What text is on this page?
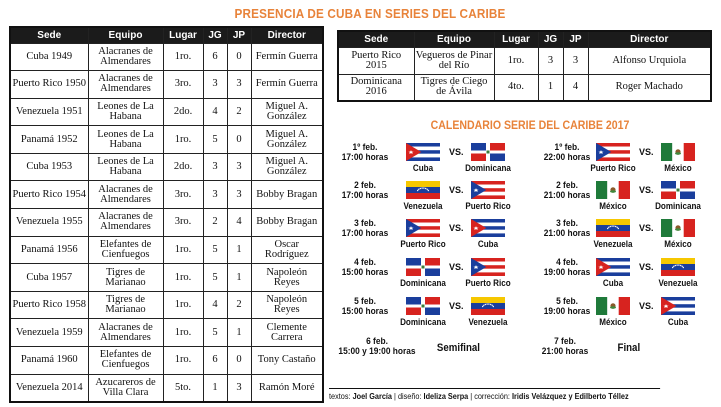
PRESENCIA DE CUBA EN SERIES DEL CARIBE
Sede	Equipo	Lugar	JG	JP	Director
Cuba 1949	Alacranes de Almendares	1ro.	6	0	Fermín Guerra
Puerto Rico 1950	Alacranes de Almendares	3ro.	3	3	Fermín Guerra
Venezuela 1951	Leones de La Habana	2do.	4	2	Miguel A. González
Panamá 1952	Leones de La Habana	1ro.	5	0	Miguel A. González
Cuba 1953	Leones de La Habana	2do.	3	3	Miguel A. González
Puerto Rico 1954	Alacranes de Almendares	3ro.	3	3	Bobby Bragan
Venezuela 1955	Alacranes de Almendares	3ro.	2	4	Bobby Bragan
Panamá 1956	Elefantes de Cienfuegos	1ro.	5	1	Oscar Rodríguez
Cuba 1957	Tigres de Marianao	1ro.	5	1	Napoleón Reyes
Puerto Rico 1958	Tigres de Marianao	1ro.	4	2	Napoleón Reyes
Venezuela 1959	Alacranes de Almendares	1ro.	5	1	Clemente Carrera
Panamá 1960	Elefantes de Cienfuegos	1ro.	6	0	Tony Castaño
Venezuela 2014	Azucareros de Villa Clara	5to.	1	3	Ramón Moré
Sede	Equipo	Lugar	JG	JP	Director
Puerto Rico 2015	Vegueros de Pinar del Río	1ro.	3	3	Alfonso Urquiola
Dominicana 2016	Tigres de Ciego de Ávila	4to.	1	4	Roger Machado
CALENDARIO SERIE DEL CARIBE 2017
1º feb.
17:00 horas	VS.
Cuba	Dominicana
2 feb.
17:00 horas	VS.
Venezuela	Puerto Rico
3 feb.
17:00 horas	VS.
Puerto Rico	Cuba
4 feb.
15:00 horas	VS.
Dominicana	Puerto Rico
5 feb.
15:00 horas	VS.
Dominicana	Venezuela
1º feb.
22:00 horas	VS.
Puerto Rico	México
2 feb.
21:00 horas	VS.
México	Dominicana
3 feb.
21:00 horas	VS.
Venezuela	México
4 feb.
19:00 horas	VS.
Cuba	Venezuela
5 feb.
19:00 horas	VS.
México	Cuba
6 feb.
15:00 y 19:00 horas Semifinal
7 feb.
21:00 horas	Final
textos: Joel García | diseño: Ideliza Serpa | corrección: Iridis Velázquez y Edilberto Téllez
